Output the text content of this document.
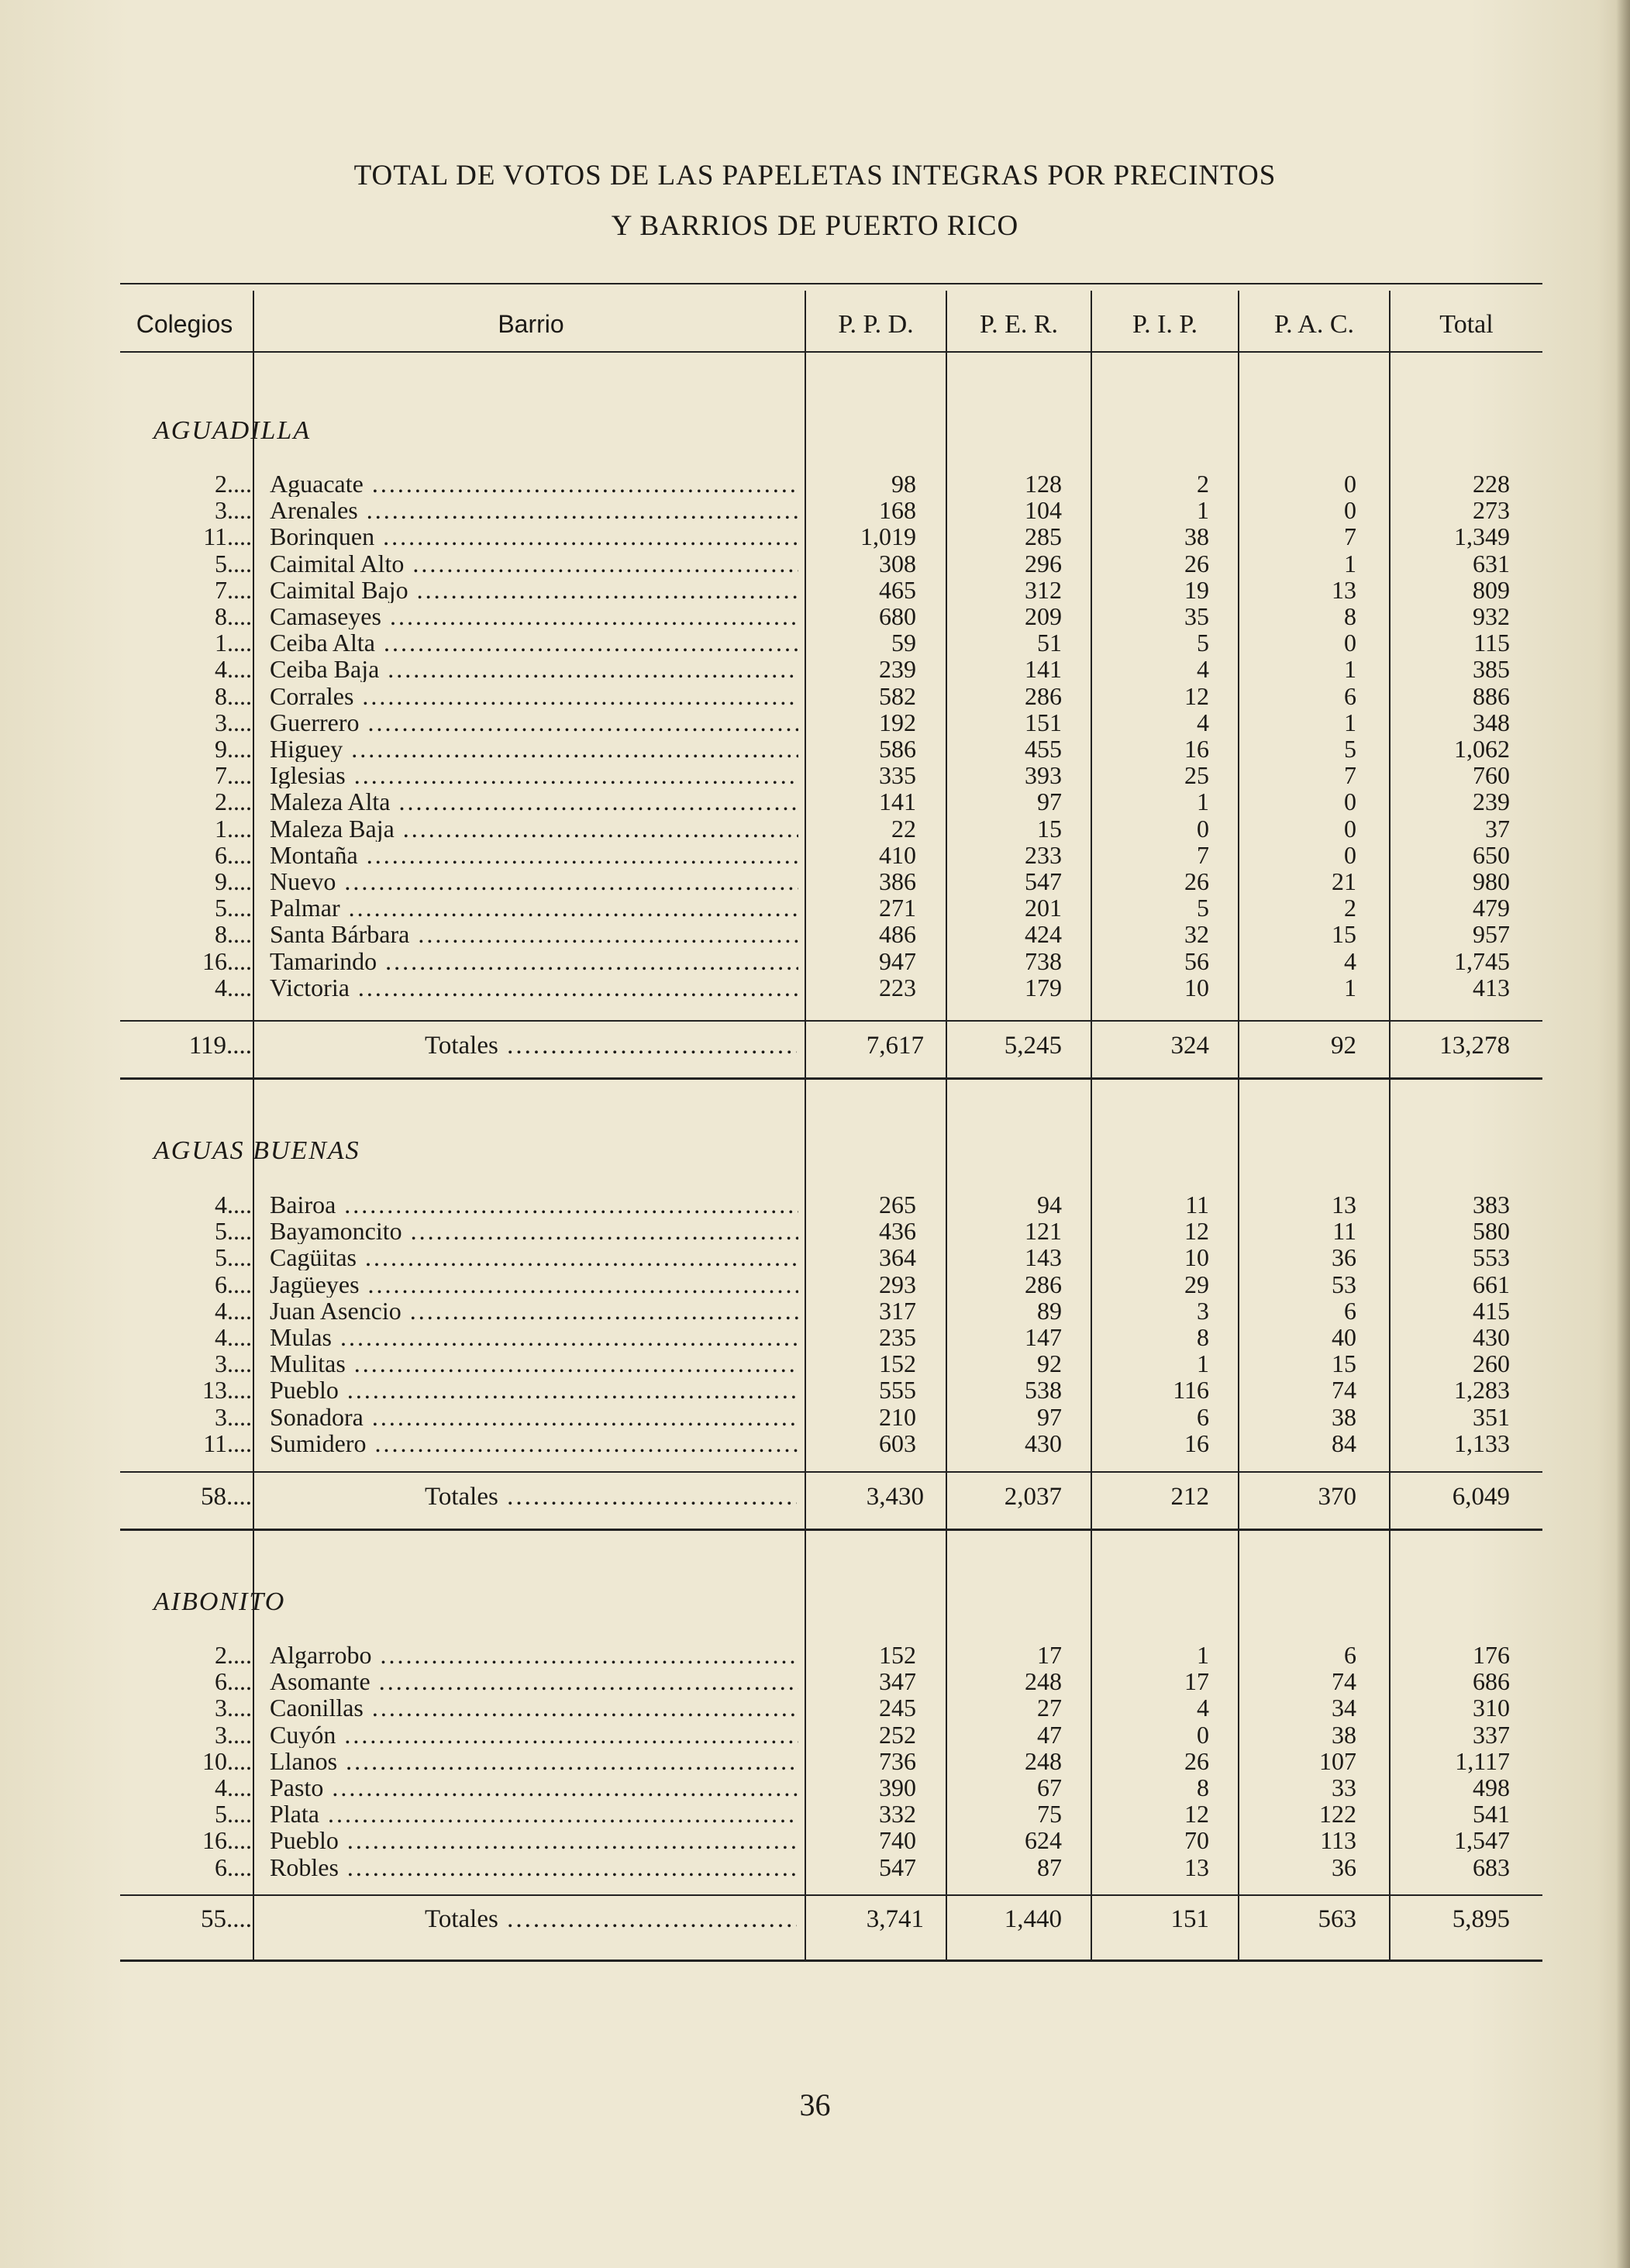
TOTAL DE VOTOS DE LAS PAPELETAS INTEGRAS POR PRECINTOS
Y BARRIOS DE PUERTO RICO
Colegios	Barrio	P. P. D.	P. E. R.	P. I. P.	P. A. C.	Total
AGUADILLA
2.... Aguacate .....	98	128	2	0	228
3.... Arenales .....	168	104	1	0	273
11.... Borinquen .....	1,019	285	38	7	1,349
5.... Caimital Alto .....	308	296	26	1	631
7.... Caimital Bajo .....	465	312	19	13	809
8.... Camaseyes .....	680	209	35	8	932
1.... Ceiba Alta .....	59	51	5	0	115
4.... Ceiba Baja .....	239	141	4	1	385
8.... Corrales .....	582	286	12	6	886
3.... Guerrero .....	192	151	4	1	348
9.... Higuey .....	586	455	16	5	1,062
7.... Iglesias .....	335	393	25	7	760
2.... Maleza Alta .....	141	97	1	0	239
1.... Maleza Baja .....	22	15	0	0	37
6.... Montaña .....	410	233	7	0	650
9.... Nuevo .....	386	547	26	21	980
5.... Palmar .....	271	201	5	2	479
8.... Santa Bárbara .....	486	424	32	15	957
16.... Tamarindo .....	947	738	56	4	1,745
4.... Victoria .....	223	179	10	1	413
119....	Totales .....	7,617	5,245	324	92	13,278
AGUAS BUENAS
4.... Bairoa .....	265	94	11	13	383
5.... Bayamoncito .....	436	121	12	11	580
5.... Cagüitas .....	364	143	10	36	553
6.... Jagüeyes .....	293	286	29	53	661
4.... Juan Asencio .....	317	89	3	6	415
4.... Mulas .....	235	147	8	40	430
3.... Mulitas .....	152	92	1	15	260
13.... Pueblo .....	555	538	116	74	1,283
3.... Sonadora .....	210	97	6	38	351
11.... Sumidero .....	603	430	16	84	1,133
58....	Totales .....	3,430	2,037	212	370	6,049
AIBONITO
2.... Algarrobo .....	152	17	1	6	176
6.... Asomante .....	347	248	17	74	686
3.... Caonillas .....	245	27	4	34	310
3.... Cuyón .....	252	47	0	38	337
10.... Llanos .....	736	248	26	107	1,117
4.... Pasto .....	390	67	8	33	498
5.... Plata .....	332	75	12	122	541
16.... Pueblo .....	740	624	70	113	1,547
6.... Robles .....	547	87	13	36	683
55....	Totales .....	3,741	1,440	151	563	5,895
36
